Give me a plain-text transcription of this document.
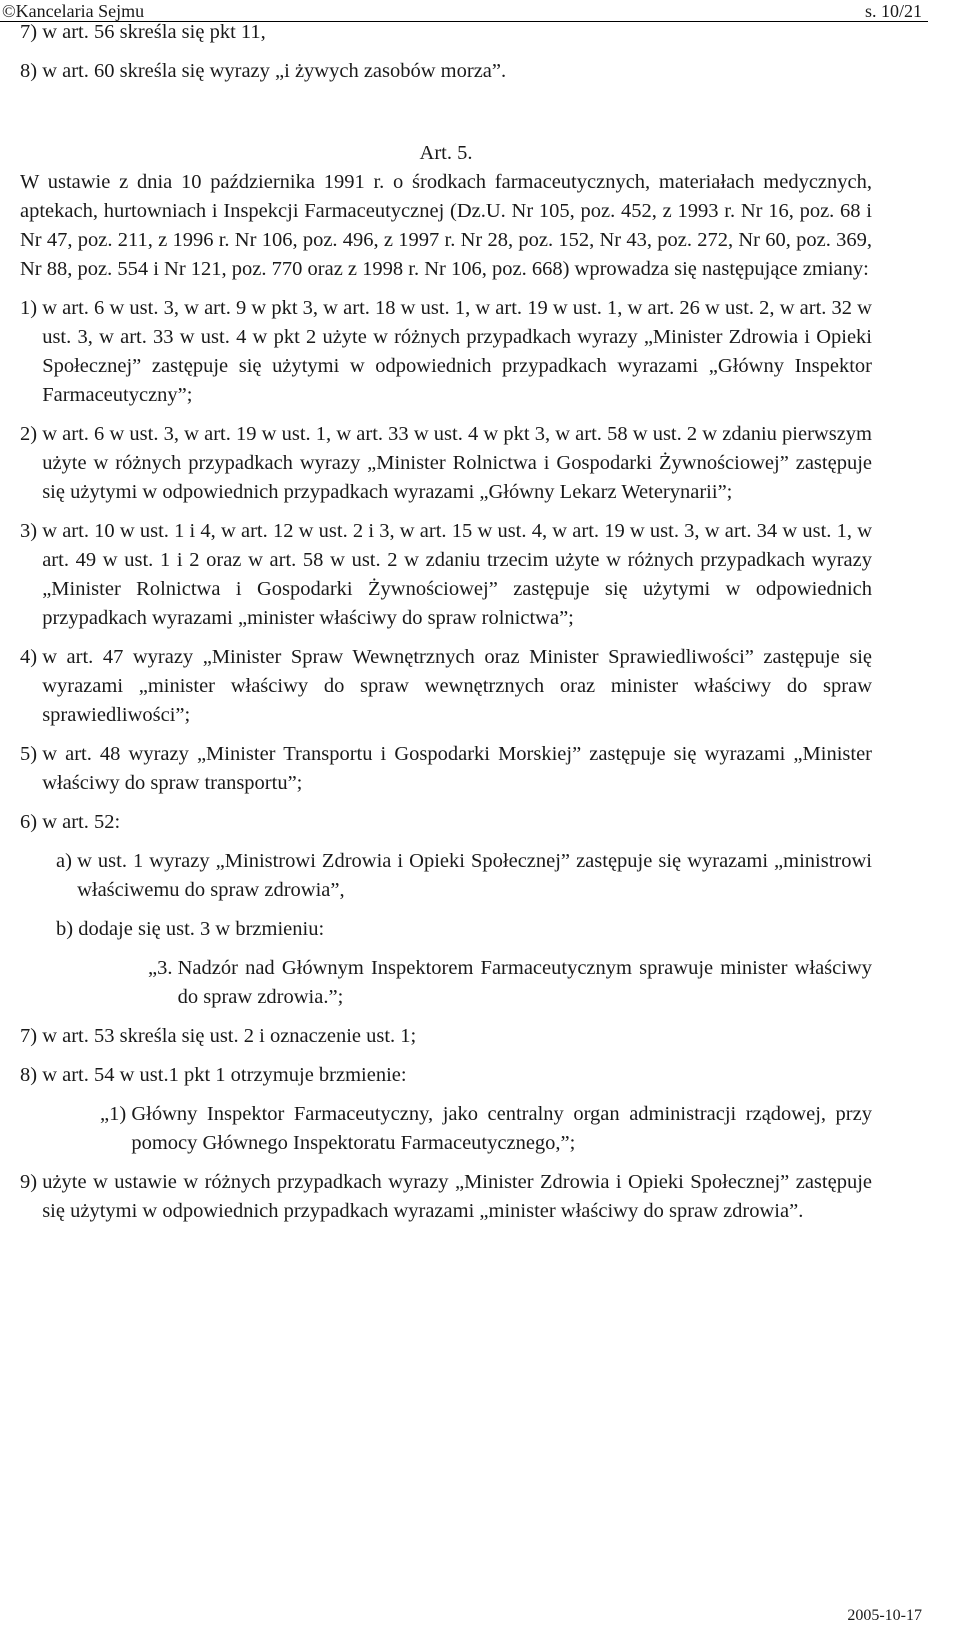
©Kancelaria Sejmu	s. 10/21
7) w art. 56 skreśla się pkt 11,
8) w art. 60 skreśla się wyrazy „i żywych zasobów morza”.

Art. 5.

W ustawie z dnia 10 października 1991 r. o środkach farmaceutycznych, materiałach medycznych, aptekach, hurtowniach i Inspekcji Farmaceutycznej (Dz.U. Nr 105, poz. 452, z 1993 r. Nr 16, poz. 68 i Nr 47, poz. 211, z 1996 r. Nr 106, poz. 496, z 1997 r. Nr 28, poz. 152, Nr 43, poz. 272, Nr 60, poz. 369, Nr 88, poz. 554 i Nr 121, poz. 770 oraz z 1998 r. Nr 106, poz. 668) wprowadza się następujące zmiany:

1) w art. 6 w ust. 3, w art. 9 w pkt 3, w art. 18 w ust. 1, w art. 19 w ust. 1, w art. 26 w ust. 2, w art. 32 w ust. 3, w art. 33 w ust. 4 w pkt 2 użyte w różnych przypadkach wyrazy „Minister Zdrowia i Opieki Społecznej” zastępuje się użytymi w odpowiednich przypadkach wyrazami „Główny Inspektor Farmaceutyczny”;
2) w art. 6 w ust. 3, w art. 19 w ust. 1, w art. 33 w ust. 4 w pkt 3, w art. 58 w ust. 2 w zdaniu pierwszym użyte w różnych przypadkach wyrazy „Minister Rolnictwa i Gospodarki Żywnościowej” zastępuje się użytymi w odpowiednich przypadkach wyrazami „Główny Lekarz Weterynarii”;
3) w art. 10 w ust. 1 i 4, w art. 12 w ust. 2 i 3, w art. 15 w ust. 4, w art. 19 w ust. 3, w art. 34 w ust. 1, w art. 49 w ust. 1 i 2 oraz w art. 58 w ust. 2 w zdaniu trzecim użyte w różnych przypadkach wyrazy „Minister Rolnictwa i Gospodarki Żywnościowej” zastępuje się użytymi w odpowiednich przypadkach wyrazami „minister właściwy do spraw rolnictwa”;
4) w art. 47 wyrazy „Minister Spraw Wewnętrznych oraz Minister Sprawiedliwości” zastępuje się wyrazami „minister właściwy do spraw wewnętrznych oraz minister właściwy do spraw sprawiedliwości”;
5) w art. 48 wyrazy „Minister Transportu i Gospodarki Morskiej” zastępuje się wyrazami „Minister właściwy do spraw transportu”;
6) w art. 52:
a) w ust. 1 wyrazy „Ministrowi Zdrowia i Opieki Społecznej” zastępuje się wyrazami „ministrowi właściwemu do spraw zdrowia”,
b) dodaje się ust. 3 w brzmieniu:
„3. Nadzór nad Głównym Inspektorem Farmaceutycznym sprawuje minister właściwy do spraw zdrowia.”;
7) w art. 53 skreśla się ust. 2 i oznaczenie ust. 1;
8) w art. 54 w ust.1 pkt 1 otrzymuje brzmienie:
„1) Główny Inspektor Farmaceutyczny, jako centralny organ administracji rządowej, przy pomocy Głównego Inspektoratu Farmaceutycznego,”;
9) użyte w ustawie w różnych przypadkach wyrazy „Minister Zdrowia i Opieki Społecznej” zastępuje się użytymi w odpowiednich przypadkach wyrazami „minister właściwy do spraw zdrowia”.
2005-10-17
